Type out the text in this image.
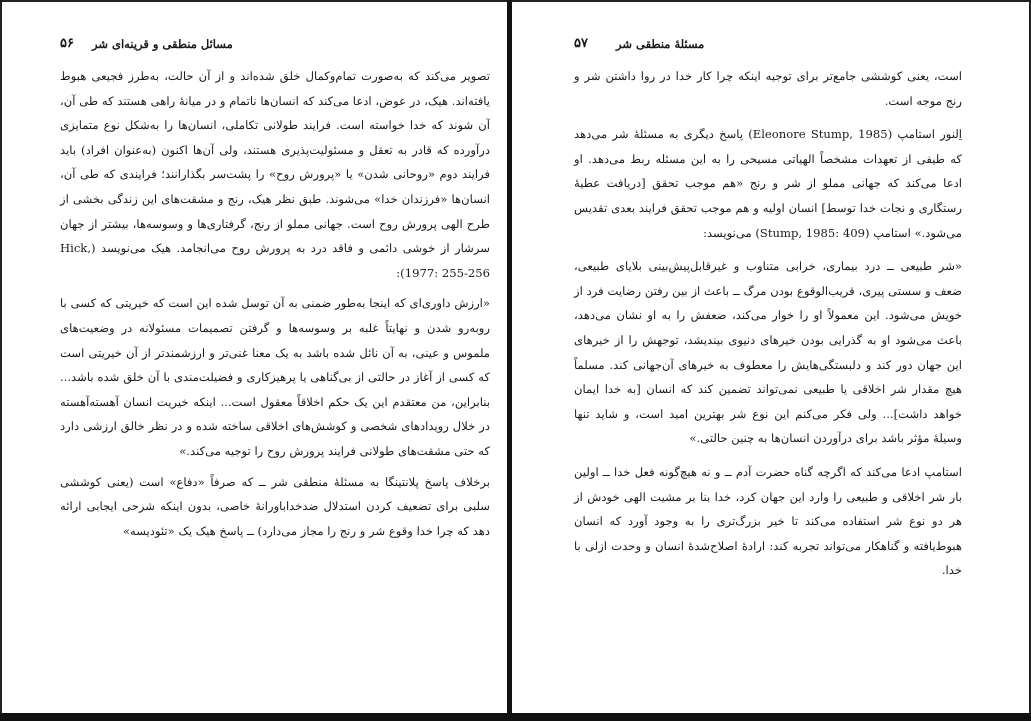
۵۶ مسائل منطقی و قرینه‌ای شر

تصویر می‌کند که به‌صورت تمام‌وکمال خلق شده‌اند و از آن حالت، به‌طرز فجیعی هبوط یافته‌اند. هیک، در عوض، ادعا می‌کند که انسان‌ها ناتمام و در میانهٔ راهی هستند که طی آن، آن شوند که خدا خواسته است. فرایند طولانی تکاملی، انسان‌ها را به‌شکل نوع متمایزی درآورده که قادر به تعقل و مسئولیت‌پذیری هستند، ولی آن‌ها اکنون (به‌عنوان افراد) باید فرایند دوم «روحانی شدن» یا «پرورش روح» را پشت‌سر بگذارانند؛ فرایندی که طی آن، انسان‌ها «فرزندان خدا» می‌شوند. طبق نظر هیک، رنج و مشقت‌های این زندگی بخشی از طرح الهی پرورش روح است. جهانی مملو از رنج، گرفتاری‌ها و وسوسه‌ها، بیشتر از جهان سرشار از خوشی دائمی و فاقد درد به پرورش روح می‌انجامد. هیک می‌نویسد (Hick, 1977: 255-256):

«ارزش داوری‌ای که اینجا به‌طور ضمنی به آن توسل شده این است که خیریتی که کسی با روبه‌رو شدن و نهایتاً غلبه بر وسوسه‌ها و گرفتن تصمیمات مسئولانه در وضعیت‌های ملموس و عینی، به آن نائل شده باشد به یک معنا غنی‌تر و ارزشمندتر از آن خیریتی است که کسی از آغاز در حالتی از بی‌گناهی یا پرهیزکاری و فضیلت‌مندی با آن خلق شده باشد... بنابراین، من معتقدم این یک حکم اخلاقاً معقول است... اینکه خیریت انسان آهسته‌آهسته در خلال رویدادهای شخصی و کوشش‌های اخلاقی ساخته شده و در نظر خالق ارزشی دارد که حتی مشقت‌های طولانی فرایند پرورش روح را توجیه می‌کند.»

برخلاف پاسخ پلانتینگا به مسئلهٔ منطقی شر ــ که صرفاً «دفاع» است (یعنی کوششی سلبی برای تضعیف کردن استدلال ضدخداباورانهٔ خاصی، بدون اینکه شرحی ایجابی ارائه دهد که چرا خدا وقوع شر و رنج را مجاز می‌دارد) ــ پاسخ هیک یک «تئودیسه»

۵۷ مسئلهٔ منطقی شر

است، یعنی کوششی جامع‌تر برای توجیه اینکه چرا کار خدا در روا داشتن شر و رنج موجه است.

اِلنور استامپ (Eleonore Stump, 1985) پاسخ دیگری به مسئلهٔ شر می‌دهد که طیفی از تعهدات مشخصاً الهیاتی مسیحی را به این مسئله ربط می‌دهد. او ادعا می‌کند که جهانی مملو از شر و رنج «هم موجب تحقق [دریافت عطیهٔ رستگاری و نجات خدا توسط] انسان اولیه و هم موجب تحقق فرایند بعدی تقدیس می‌شود.» استامپ (Stump, 1985: 409) می‌نویسد:

«شر طبیعی ــ درد بیماری، خرابی متناوب و غیرقابل‌پیش‌بینی بلایای طبیعی، ضعف و سستی پیری، قریب‌الوقوع بودن مرگ ــ باعث از بین رفتن رضایت فرد از خویش می‌شود. این معمولاً او را خوار می‌کند، ضعفش را به او نشان می‌دهد، باعث می‌شود او به گذرایی بودن خیرهای دنیوی بیندیشد، توجهش را از خیرهای این جهان دور کند و دلبستگی‌هایش را معطوف به خیرهای آن‌جهانی کند. مسلماً هیچ مقدار شر اخلاقی یا طبیعی نمی‌تواند تضمین کند که انسان [به خدا ایمان خواهد داشت]... ولی فکر می‌کنم این نوع شر بهترین امید است، و شاید تنها وسیلهٔ مؤثر باشد برای درآوردن انسان‌ها به چنین حالتی.»

استامپ ادعا می‌کند که اگرچه گناه حضرت آدم ــ و نه هیچ‌گونه فعل خدا ــ اولین بار شر اخلاقی و طبیعی را وارد این جهان کرد، خدا بنا بر مشیت الهی خودش از هر دو نوع شر استفاده می‌کند تا خیر بزرگ‌تری را به وجود آورد که انسان هبوط‌یافته و گناهکار می‌تواند تجربه کند: ارادهٔ اصلاح‌شدهٔ انسان و وحدت ازلی با خدا.
